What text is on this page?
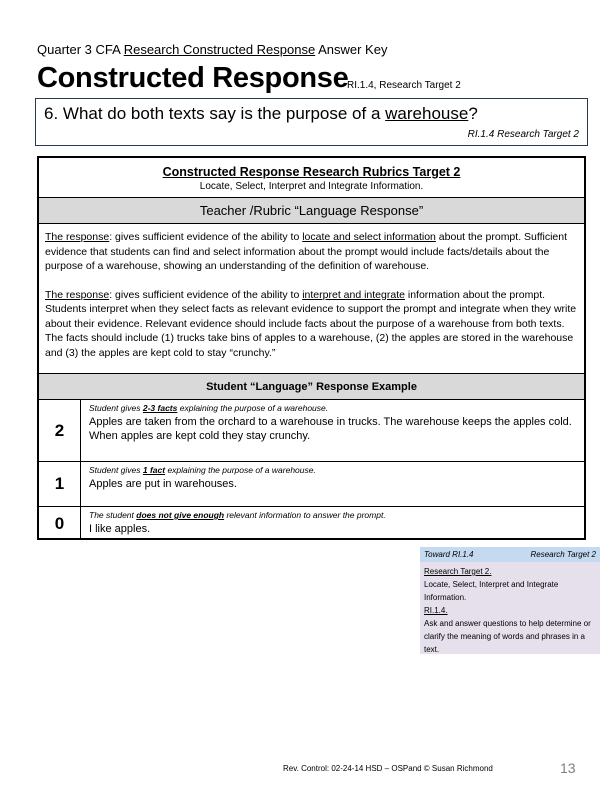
Quarter 3 CFA Research Constructed Response Answer Key
Constructed Response
RI.1.4, Research Target 2
6. What do both texts say is the purpose of a warehouse?
RI.1.4 Research Target 2
Constructed Response Research Rubrics Target 2
Locate, Select, Interpret and Integrate Information.
Teacher /Rubric “Language Response”

The response: gives sufficient evidence of the ability to locate and select information about the prompt. Sufficient evidence that students can find and select information about the prompt would include facts/details about the purpose of a warehouse, showing an understanding of the definition of warehouse.

The response: gives sufficient evidence of the ability to interpret and integrate information about the prompt. Students interpret when they select facts as relevant evidence to support the prompt and integrate when they write about their evidence. Relevant evidence should include facts about the purpose of a warehouse from both texts. The facts should include (1) trucks take bins of apples to a warehouse, (2) the apples are stored in the warehouse and (3) the apples are kept cold to stay “crunchy.”

Student “Language” Response Example
2
Student gives 2-3 facts explaining the purpose of a warehouse.
Apples are taken from the orchard to a warehouse in trucks. The warehouse keeps the apples cold. When apples are kept cold they stay crunchy.
1
Student gives 1 fact explaining the purpose of a warehouse.
Apples are put in warehouses.
0	The student does not give enough relevant information to answer the prompt.
I like apples.
Toward RI.1.4	Research Target 2
Research Target 2.
Locate, Select, Interpret and Integrate Information.
RI.1.4.
Ask and answer questions to help determine or clarify the meaning of words and phrases in a text.
Rev. Control: 02-24-14 HSD – OSPand © Susan Richmond	13
